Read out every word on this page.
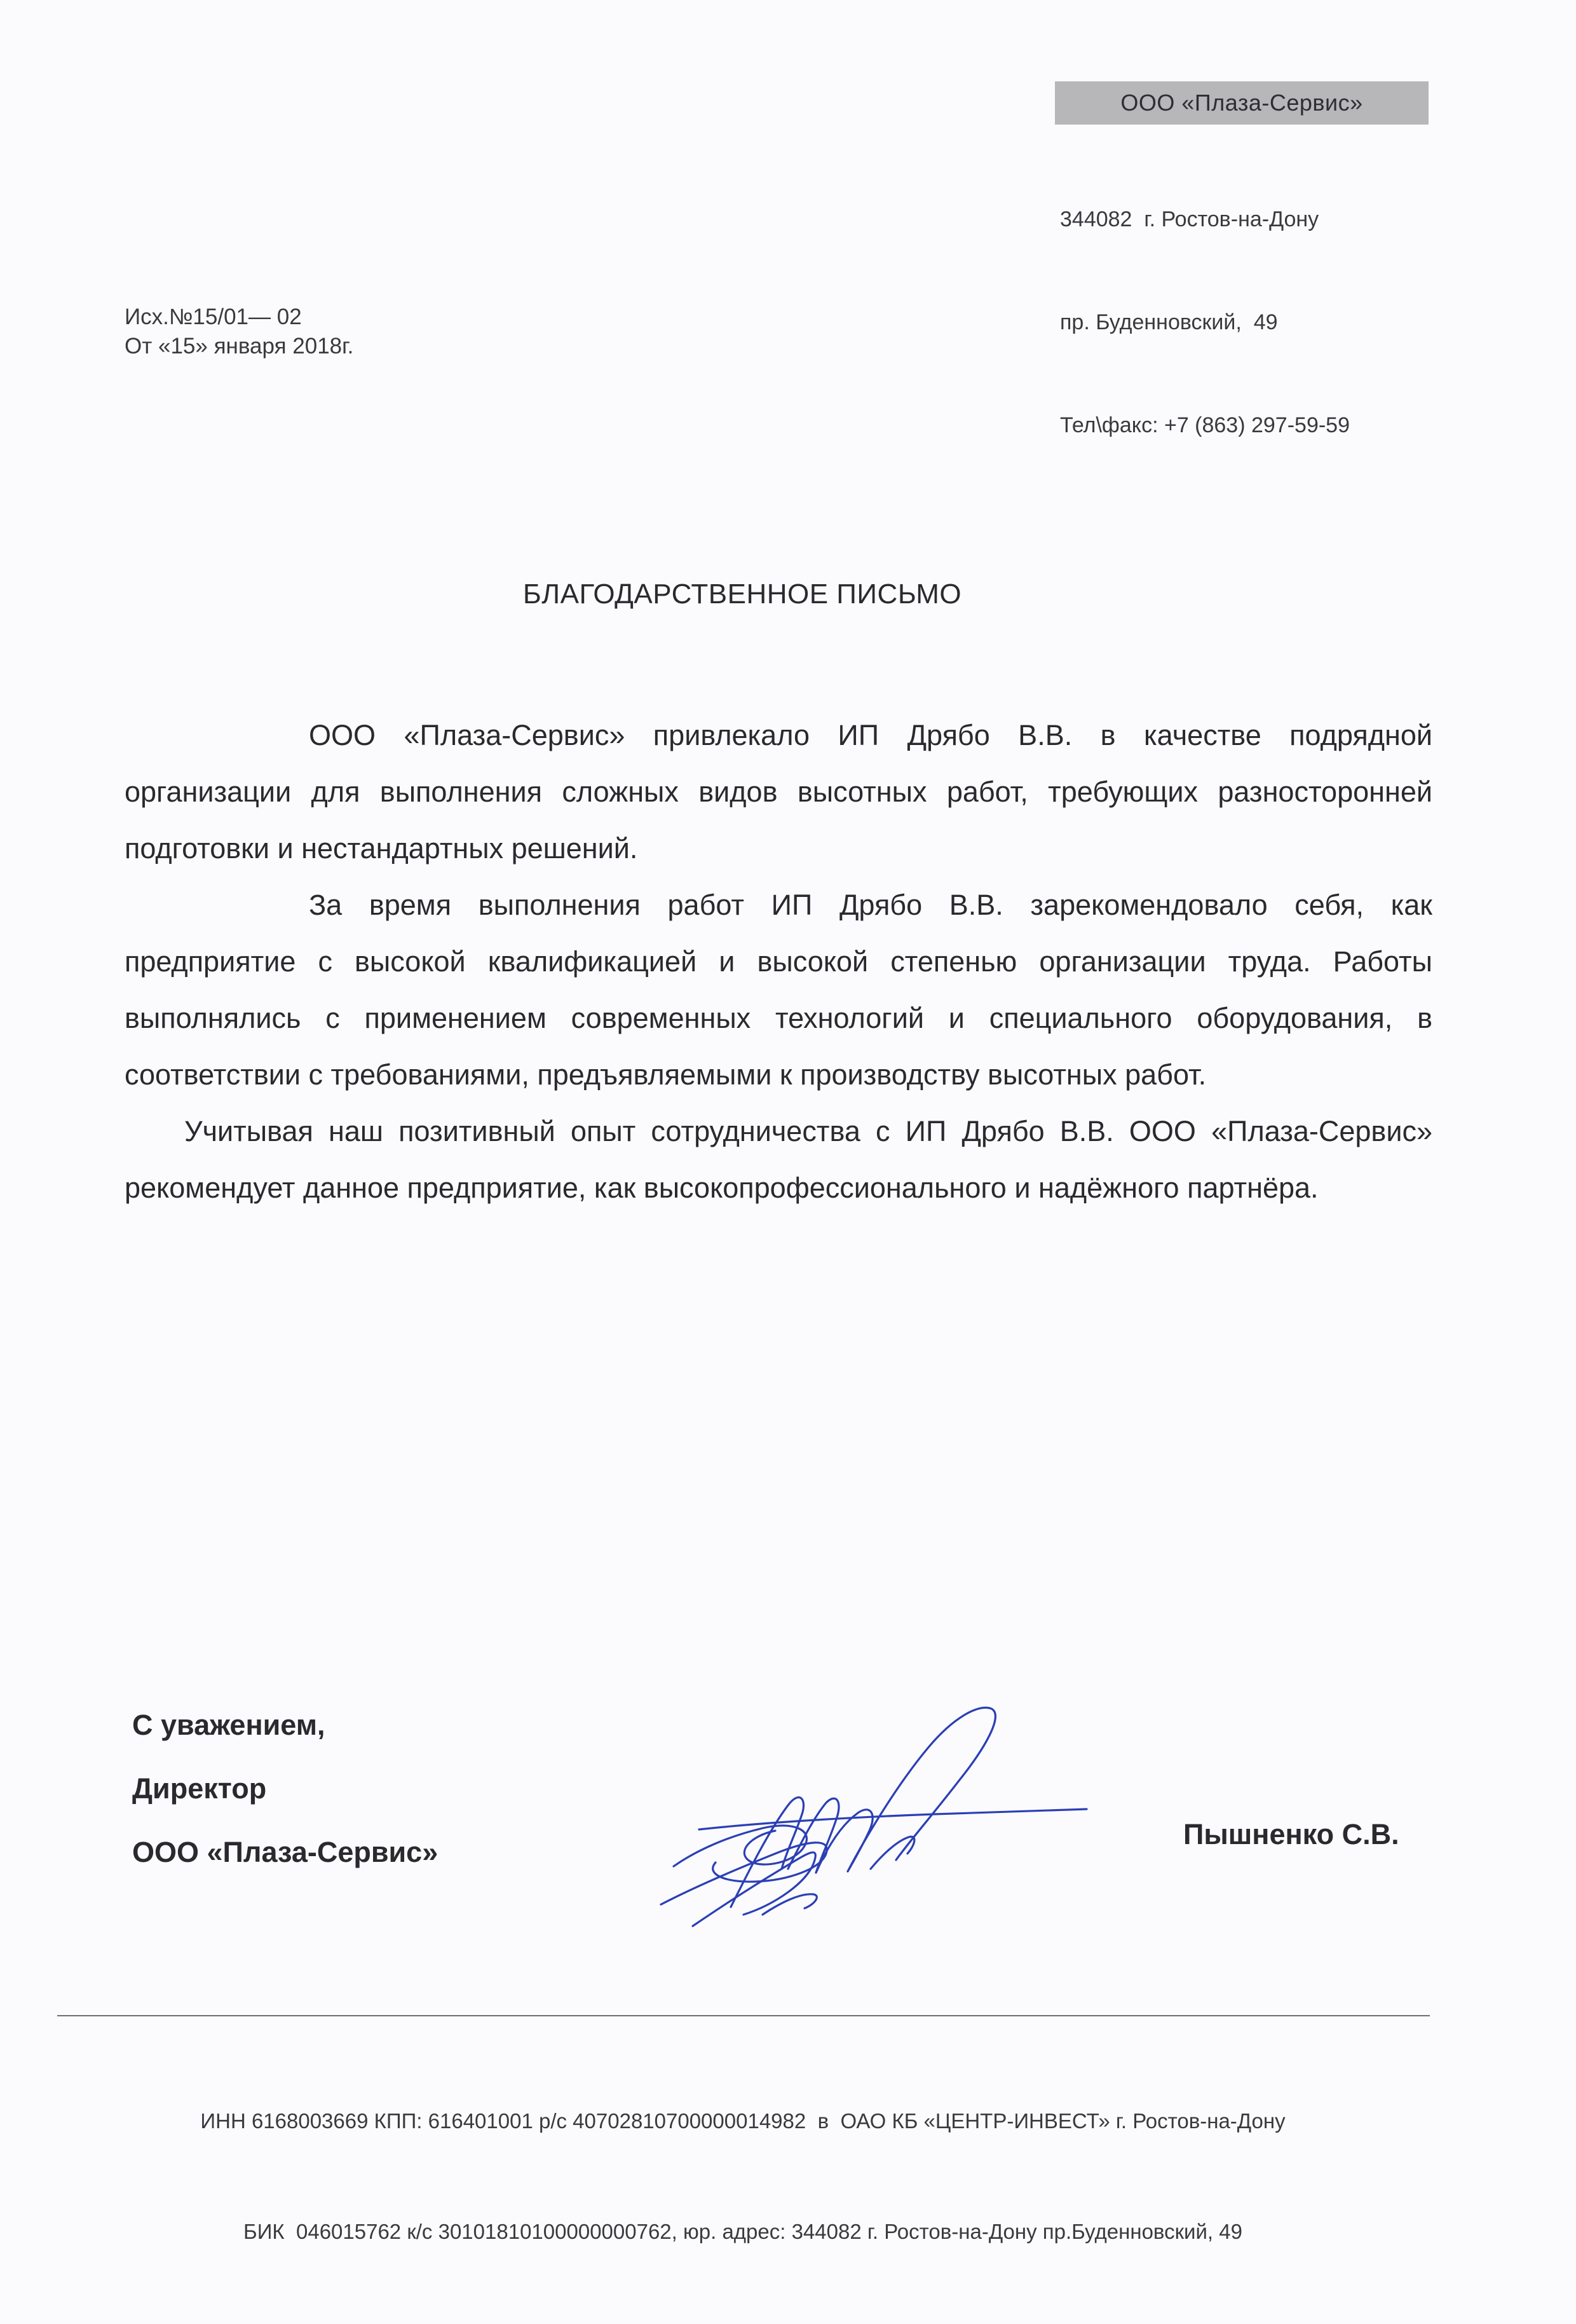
ООО «Плаза-Сервис»

344082  г. Ростов-на-Дону

пр. Буденновский,  49

Тел\факс: +7 (863) 297-59-59

Исх.№15/01— 02
От «15» января 2018г.
БЛАГОДАРСТВЕННОЕ ПИСЬМО

ООО «Плаза-Сервис» привлекало ИП Дрябо В.В. в качестве подрядной организации для выполнения сложных видов высотных работ, требующих разносторонней подготовки и нестандартных решений.

За время выполнения работ ИП Дрябо В.В. зарекомендовало себя, как предприятие с высокой квалификацией и высокой степенью организации труда. Работы выполнялись с применением современных технологий и специального оборудования, в соответствии с требованиями, предъявляемыми к производству высотных работ.

Учитывая наш позитивный опыт сотрудничества с ИП Дрябо В.В. ООО «Плаза-Сервис» рекомендует данное предприятие, как высокопрофессионального и надёжного партнёра.

С уважением,
Директор
ООО «Плаза-Сервис»
Пышненко С.В.

ИНН 6168003669 КПП: 616401001 р/с 40702810700000014982  в  ОАО КБ «ЦЕНТР-ИНВЕСТ» г. Ростов-на-Дону

БИК  046015762 к/с 30101810100000000762, юр. адрес: 344082 г. Ростов-на-Дону пр.Буденновский, 49
